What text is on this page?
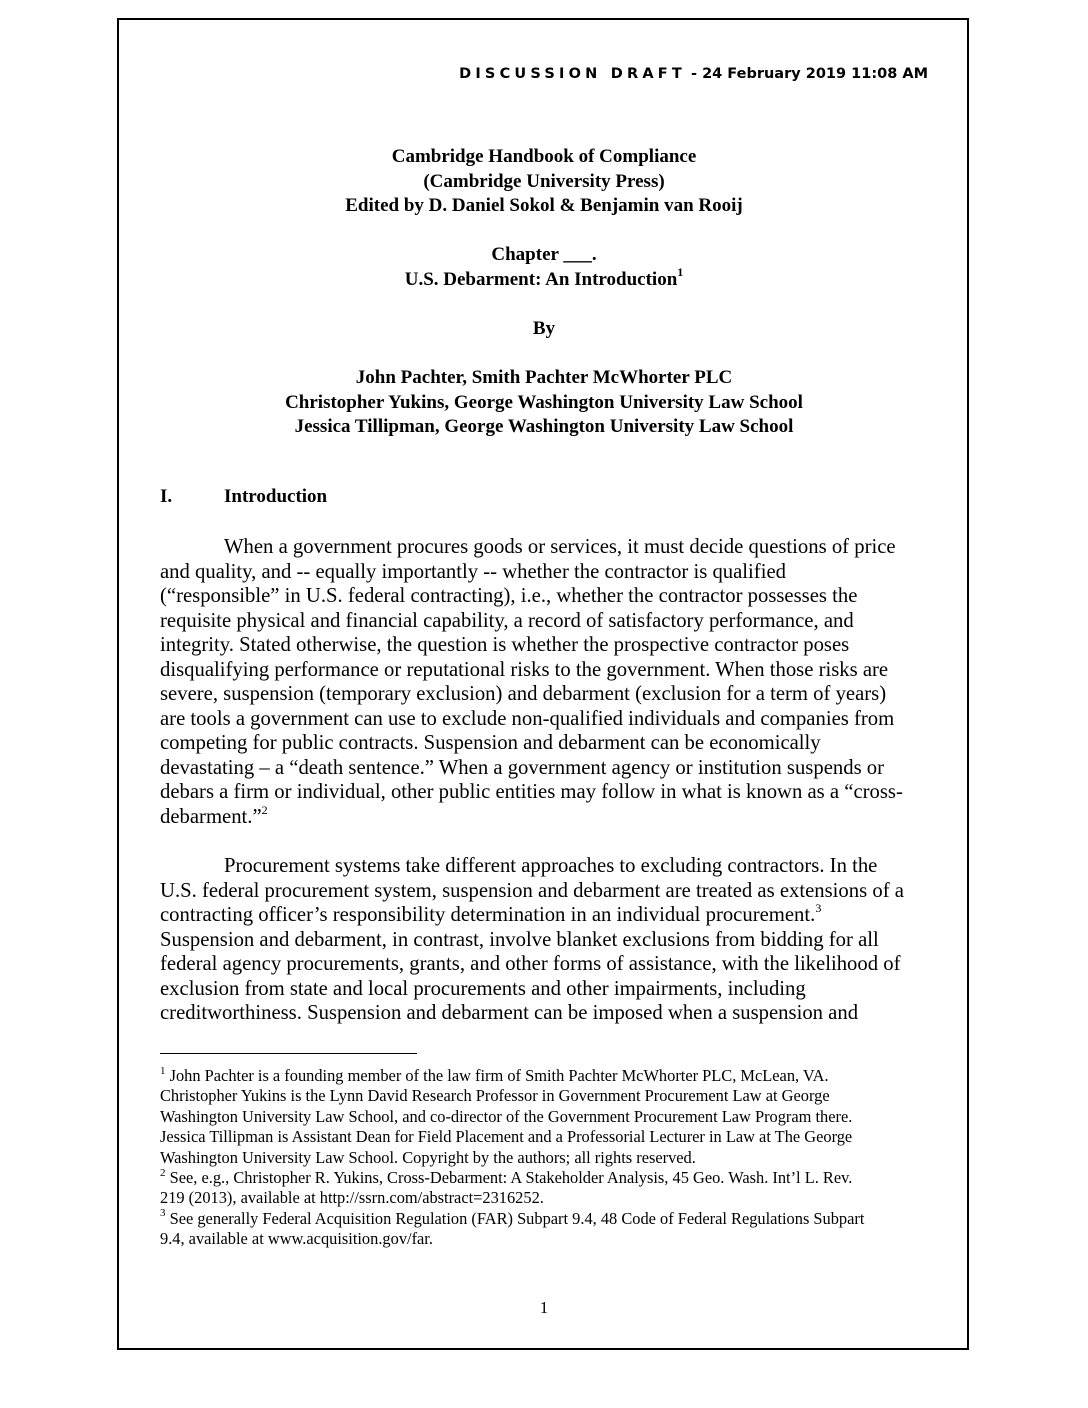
DISCUSSION DRAFT - 24 February 2019 11:08 AM
Cambridge Handbook of Compliance
(Cambridge University Press)
Edited by D. Daniel Sokol & Benjamin van Rooij
Chapter ___.
U.S. Debarment: An Introduction$^1$
By
John Pachter, Smith Pachter McWhorter PLC
Christopher Yukins, George Washington University Law School
Jessica Tillipman, George Washington University Law School
I.	Introduction
When a government procures goods or services, it must decide questions of price
and quality, and -- equally importantly -- whether the contractor is qualified
(“responsible” in U.S. federal contracting), i.e., whether the contractor possesses the
requisite physical and financial capability, a record of satisfactory performance, and
integrity. Stated otherwise, the question is whether the prospective contractor poses
disqualifying performance or reputational risks to the government. When those risks are
severe, suspension (temporary exclusion) and debarment (exclusion for a term of years)
are tools a government can use to exclude non-qualified individuals and companies from
competing for public contracts. Suspension and debarment can be economically
devastating – a “death sentence.” When a government agency or institution suspends or
debars a firm or individual, other public entities may follow in what is known as a “cross-
debarment.”$^2$
Procurement systems take different approaches to excluding contractors. In the
U.S. federal procurement system, suspension and debarment are treated as extensions of a
contracting officer’s responsibility determination in an individual procurement.$^3$
Suspension and debarment, in contrast, involve blanket exclusions from bidding for all
federal agency procurements, grants, and other forms of assistance, with the likelihood of
exclusion from state and local procurements and other impairments, including
creditworthiness. Suspension and debarment can be imposed when a suspension and
$^1$ John Pachter is a founding member of the law firm of Smith Pachter McWhorter PLC, McLean, VA.
Christopher Yukins is the Lynn David Research Professor in Government Procurement Law at George
Washington University Law School, and co-director of the Government Procurement Law Program there.
Jessica Tillipman is Assistant Dean for Field Placement and a Professorial Lecturer in Law at The George
Washington University Law School. Copyright by the authors; all rights reserved.
$^2$ See, e.g., Christopher R. Yukins, Cross-Debarment: A Stakeholder Analysis, 45 Geo. Wash. Int’l L. Rev.
219 (2013), available at http://ssrn.com/abstract=2316252.
$^3$ See generally Federal Acquisition Regulation (FAR) Subpart 9.4, 48 Code of Federal Regulations Subpart
9.4, available at www.acquisition.gov/far.
1
